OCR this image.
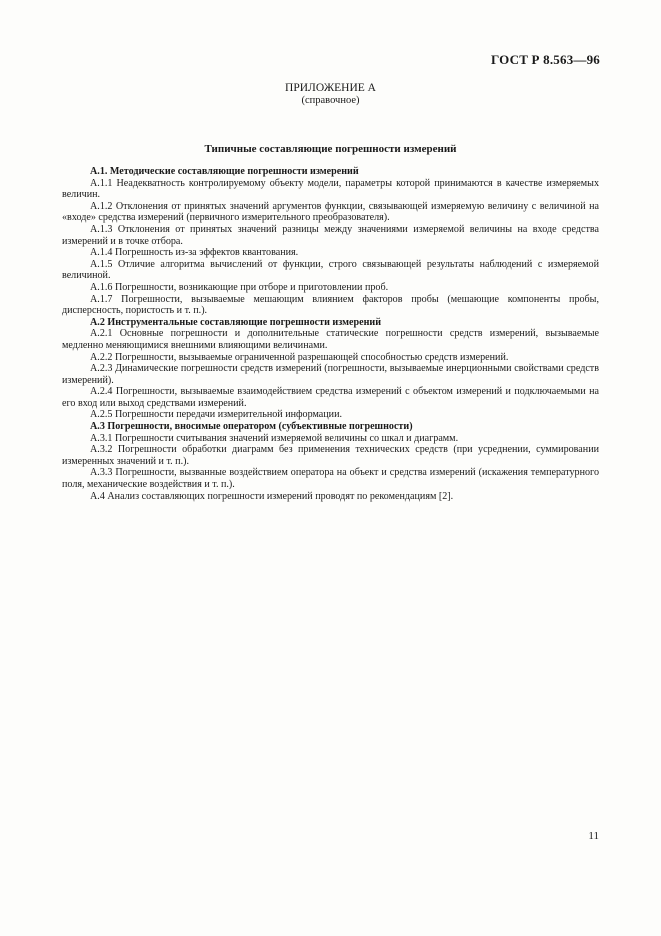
ГОСТ Р 8.563—96
ПРИЛОЖЕНИЕ А
(справочное)
Типичные составляющие погрешности измерений

А.1. Методические составляющие погрешности измерений

А.1.1 Неадекватность контролируемому объекту модели, параметры которой принимаются в качестве измеряемых величин.

А.1.2 Отклонения от принятых значений аргументов функции, связывающей измеряемую величину с величиной на «входе» средства измерений (первичного измерительного преобразователя).

А.1.3 Отклонения от принятых значений разницы между значениями измеряемой величины на входе средства измерений и в точке отбора.

А.1.4 Погрешность из-за эффектов квантования.

А.1.5 Отличие алгоритма вычислений от функции, строго связывающей результаты наблюдений с измеряемой величиной.

А.1.6 Погрешности, возникающие при отборе и приготовлении проб.

А.1.7 Погрешности, вызываемые мешающим влиянием факторов пробы (мешающие компоненты пробы, дисперсность, пористость и т. п.).

А.2 Инструментальные составляющие погрешности измерений

А.2.1 Основные погрешности и дополнительные статические погрешности средств измерений, вызываемые медленно меняющимися внешними влияющими величинами.

А.2.2 Погрешности, вызываемые ограниченной разрешающей способностью средств измерений.

А.2.3 Динамические погрешности средств измерений (погрешности, вызываемые инерционными свойствами средств измерений).

А.2.4 Погрешности, вызываемые взаимодействием средства измерений с объектом измерений и подключаемыми на его вход или выход средствами измерений.

А.2.5 Погрешности передачи измерительной информации.

А.3 Погрешности, вносимые оператором (субъективные погрешности)

А.3.1 Погрешности считывания значений измеряемой величины со шкал и диаграмм.

А.3.2 Погрешности обработки диаграмм без применения технических средств (при усреднении, суммировании измеренных значений и т. п.).

А.3.3 Погрешности, вызванные воздействием оператора на объект и средства измерений (искажения температурного поля, механические воздействия и т. п.).

А.4 Анализ составляющих погрешности измерений проводят по рекомендациям [2].

11
